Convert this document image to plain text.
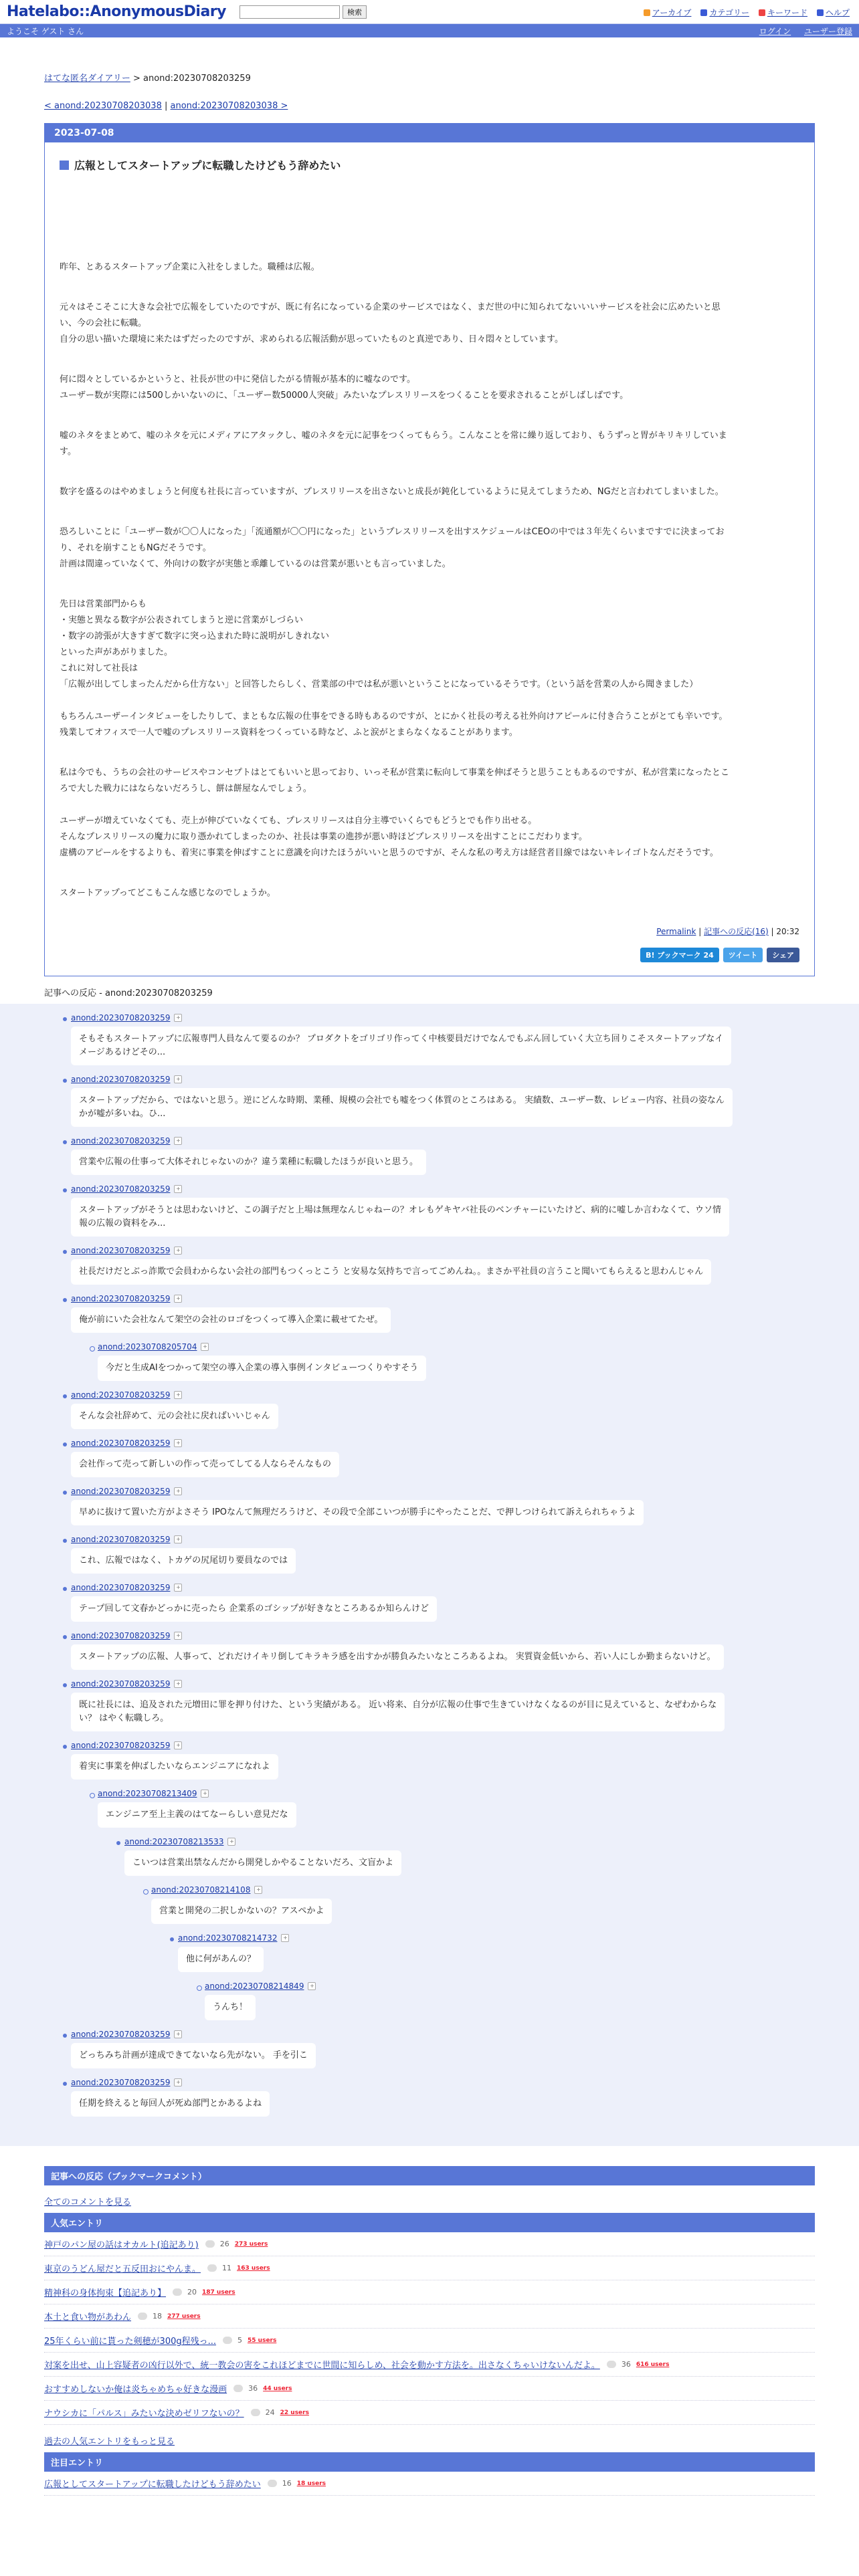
Hatelabo::AnonymousDiary	検索	アーカイブ	カテゴリー	キーワード	ヘルプ
ようこそ ゲスト さん	ログイン ユーザー登録
はてな匿名ダイアリー > anond:20230708203259
< anond:20230708203038 | anond:20230708203038 >
2023-07-08
広報としてスタートアップに転職したけどもう辞めたい
昨年、とあるスタートアップ企業に入社をしました。職種は広報。
元々はそこそこに大きな会社で広報をしていたのですが、既に有名になっている企業のサービスではなく、まだ世の中に知られてないいいサービスを社会に広めたいと思
い、今の会社に転職。
自分の思い描いた環境に来たはずだったのですが、求められる広報活動が思っていたものと真逆であり、日々悶々としています。
何に悶々としているかというと、社長が世の中に発信したがる情報が基本的に嘘なのです。
ユーザー数が実際には500しかいないのに、「ユーザー数50000人突破」みたいなプレスリリースをつくることを要求されることがしばしばです。
嘘のネタをまとめて、嘘のネタを元にメディアにアタックし、嘘のネタを元に記事をつくってもらう。こんなことを常に繰り返しており、もうずっと胃がキリキリしていま
す。
数字を盛るのはやめましょうと何度も社長に言っていますが、プレスリリースを出さないと成長が鈍化しているように見えてしまうため、NGだと言われてしまいました。
恐ろしいことに「ユーザー数が〇〇人になった」「流通額が〇〇円になった」というプレスリリースを出すスケジュールはCEOの中では３年先くらいまですでに決まってお
り、それを崩すこともNGだそうです。
計画は間違っていなくて、外向けの数字が実態と乖離しているのは営業が悪いとも言っていました。
先日は営業部門からも
・実態と異なる数字が公表されてしまうと逆に営業がしづらい
・数字の誇張が大きすぎて数字に突っ込まれた時に説明がしきれない
といった声があがりました。
これに対して社長は
「広報が出してしまったんだから仕方ない」と回答したらしく、営業部の中では私が悪いということになっているそうです。（という話を営業の人から聞きました）
もちろんユーザーインタビューをしたりして、まともな広報の仕事をできる時もあるのですが、とにかく社長の考える社外向けアピールに付き合うことがとても辛いです。
残業してオフィスで一人で嘘のプレスリリース資料をつくっている時など、ふと涙がとまらなくなることがあります。
私は今でも、うちの会社のサービスやコンセプトはとてもいいと思っており、いっそ私が営業に転向して事業を伸ばそうと思うこともあるのですが、私が営業になったとこ
ろで大した戦力にはならないだろうし、餅は餅屋なんでしょう。
ユーザーが増えていなくても、売上が伸びていなくても、プレスリリースは自分主導でいくらでもどうとでも作り出せる。
そんなプレスリリースの魔力に取り憑かれてしまったのか、社長は事業の進捗が悪い時ほどプレスリリースを出すことにこだわります。
虚構のアピールをするよりも、着実に事業を伸ばすことに意識を向けたほうがいいと思うのですが、そんな私の考え方は経営者目線ではないキレイゴトなんだそうです。
スタートアップってどこもこんな感じなのでしょうか。
Permalink | 記事への反応(16) | 20:32
B! ブックマーク 24	ツイート	シェア
記事への反応 - anond:20230708203259
anond:20230708203259	+
そもそもスタートアップに広報専門人員なんて要るのか？ プロダクトをゴリゴリ作ってく中核要員だけでなんでもぶん回していく大立ち回りこそスタートアップなイ
メージあるけどその...
anond:20230708203259	+
スタートアップだから、ではないと思う。逆にどんな時期、業種、規模の会社でも嘘をつく体質のところはある。 実績数、ユーザー数、レビュー内容、社員の姿なん
かが嘘が多いね。ひ...
anond:20230708203259	+
営業や広報の仕事って大体それじゃないのか？違う業種に転職したほうが良いと思う。
anond:20230708203259	+
スタートアップがそうとは思わないけど、この調子だと上場は無理なんじゃねーの？オレもゲキヤバ社長のベンチャーにいたけど、病的に嘘しか言わなくて、ウソ情
報の広報の資料をみ...
anond:20230708203259	+
社長だけだとぶっ詐欺で会員わからない会社の部門もつくっとこう と安易な気持ちで言ってごめんね。。まさか平社員の言うこと聞いてもらえると思わんじゃん
anond:20230708203259	+
俺が前にいた会社なんて架空の会社のロゴをつくって導入企業に載せてたぜ。
anond:20230708205704	+
今だと生成AIをつかって架空の導入企業の導入事例インタビューつくりやすそう
anond:20230708203259	+
そんな会社辞めて、元の会社に戻ればいいじゃん
anond:20230708203259	+
会社作って売って新しいの作って売ってしてる人ならそんなもの
anond:20230708203259	+
早めに抜けて置いた方がよさそう IPOなんて無理だろうけど、その段で全部こいつが勝手にやったことだ、で押しつけられて訴えられちゃうよ
anond:20230708203259	+
これ、広報ではなく、トカゲの尻尾切り要員なのでは
anond:20230708203259	+
テープ回して文春かどっかに売ったら 企業系のゴシップが好きなところあるか知らんけど
anond:20230708203259	+
スタートアップの広報、人事って、どれだけイキリ倒してキラキラ感を出すかが勝負みたいなところあるよね。 実質資金低いから、若い人にしか勤まらないけど。
anond:20230708203259	+
既に社長には、追及された元増田に罪を押り付けた、という実績がある。 近い将来、自分が広報の仕事で生きていけなくなるのが目に見えていると、なぜわからな
い？ はやく転職しろ。
anond:20230708203259	+
着実に事業を伸ばしたいならエンジニアになれよ
anond:20230708213409	+
エンジニア至上主義のはてなーらしい意見だな
anond:20230708213533	+
こいつは営業出禁なんだから開発しかやることないだろ、文盲かよ
anond:20230708214108	+
営業と開発の二択しかないの？アスペかよ
anond:20230708214732	+
他に何があんの？
anond:20230708214849	+
うんち！
anond:20230708203259	+
どっちみち計画が達成できてないなら先がない。 手を引こ
anond:20230708203259	+
任期を終えると毎回人が死ぬ部門とかあるよね
記事への反応（ブックマークコメント）
全てのコメントを見る
人気エントリ
神戸のパン屋の話はオカルト(追記あり)	26 273 users
東京のうどん屋だと五反田おにやんま。	11 163 users
精神科の身体拘束【追記あり】	20 187 users
本土と食い物があわん	18 277 users
25年くらい前に貰った剣穂が300g程残っ...	5 55 users
対案を出せ、山上容疑者の凶行以外で、統一教会の害をこれほどまでに世間に知らしめ、社会を動かす方法を。出さなくちゃいけないんだよ。	36 616 users
おすすめしないか俺は炎ちゃめちゃ好きな漫画	36 44 users
ナウシカに「パルス」みたいな決めゼリフないの？	24 22 users
過去の人気エントリをもっと見る
注目エントリ
広報としてスタートアップに転職したけどもう辞めたい	16 18 users
